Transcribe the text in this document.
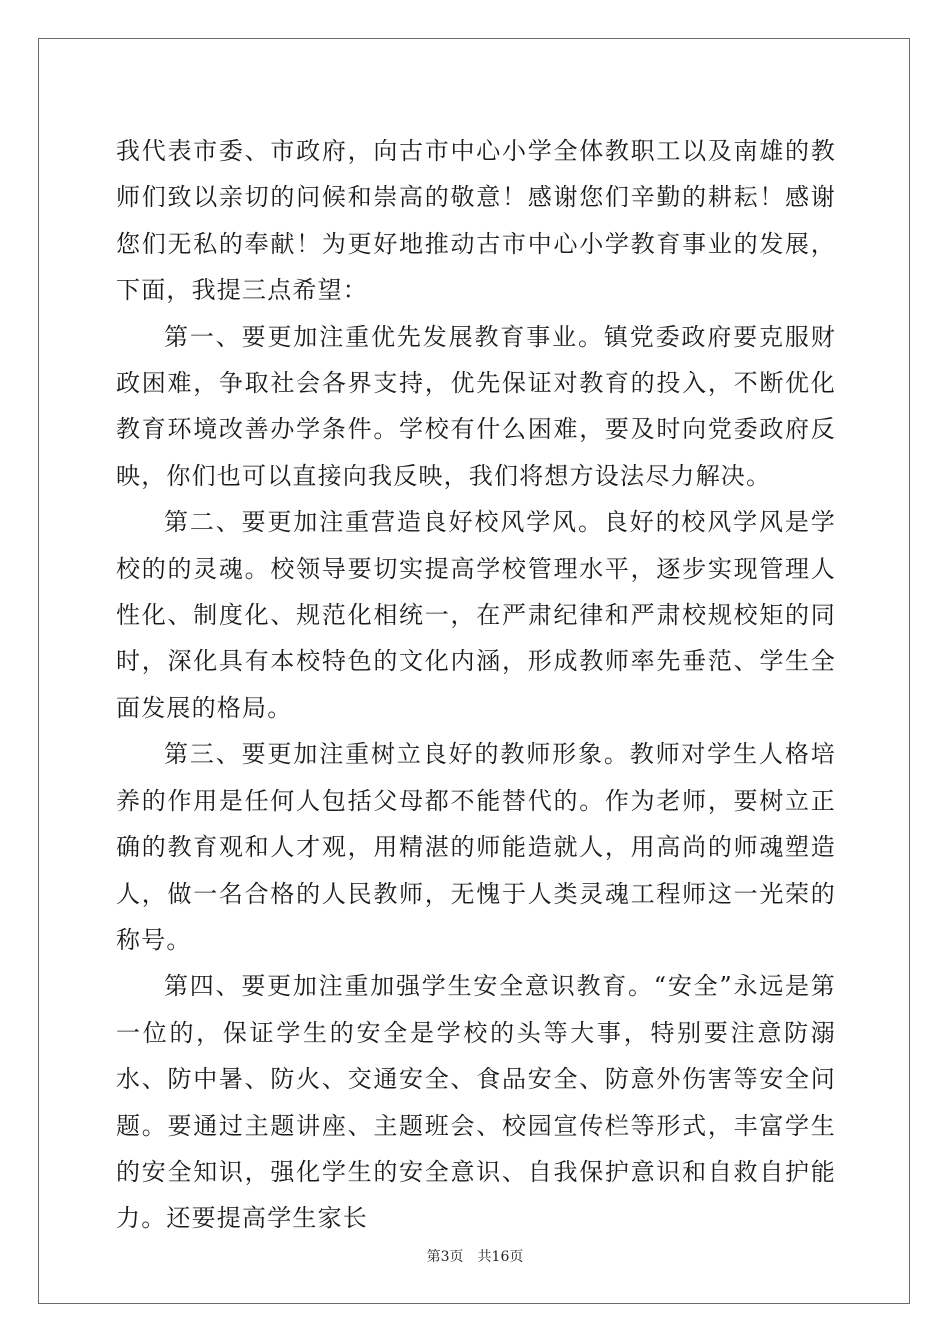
我代表市委、市政府，向古市中心小学全体教职工以及南雄的教师们致以亲切的问候和崇高的敬意！感谢您们辛勤的耕耘！感谢您们无私的奉献！为更好地推动古市中心小学教育事业的发展，下面，我提三点希望：

第一、要更加注重优先发展教育事业。镇党委政府要克服财政困难，争取社会各界支持，优先保证对教育的投入，不断优化教育环境改善办学条件。学校有什么困难，要及时向党委政府反映，你们也可以直接向我反映，我们将想方设法尽力解决。

第二、要更加注重营造良好校风学风。良好的校风学风是学校的的灵魂。校领导要切实提高学校管理水平，逐步实现管理人性化、制度化、规范化相统一，在严肃纪律和严肃校规校矩的同时，深化具有本校特色的文化内涵，形成教师率先垂范、学生全面发展的格局。

第三、要更加注重树立良好的教师形象。教师对学生人格培养的作用是任何人包括父母都不能替代的。作为老师，要树立正确的教育观和人才观，用精湛的师能造就人，用高尚的师魂塑造人，做一名合格的人民教师，无愧于人类灵魂工程师这一光荣的称号。

第四、要更加注重加强学生安全意识教育。“安全”永远是第一位的，保证学生的安全是学校的头等大事，特别要注意防溺水、防中暑、防火、交通安全、食品安全、防意外伤害等安全问题。要通过主题讲座、主题班会、校园宣传栏等形式，丰富学生的安全知识，强化学生的安全意识、自我保护意识和自救自护能力。还要提高学生家长

第3页 共16页
